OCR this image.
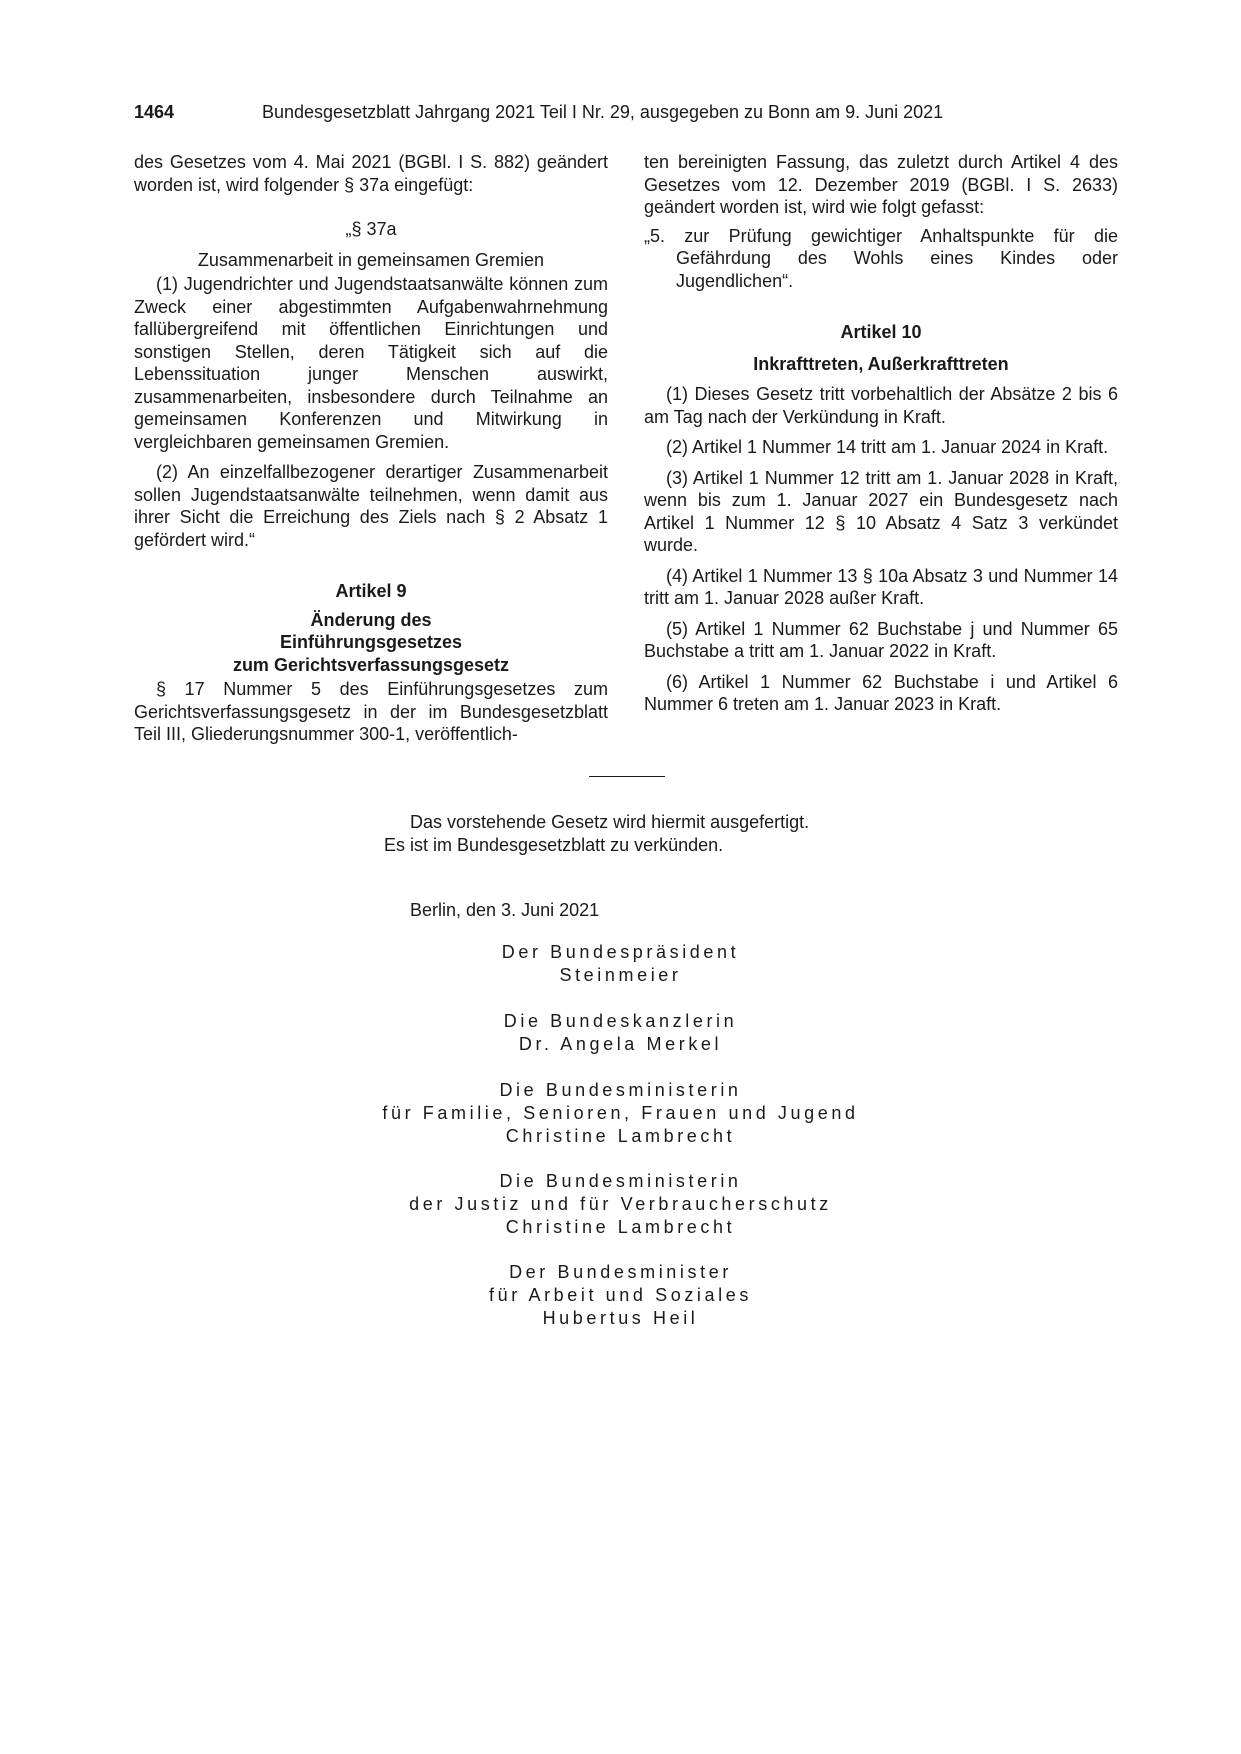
1464	Bundesgesetzblatt Jahrgang 2021 Teil I Nr. 29, ausgegeben zu Bonn am 9. Juni 2021

des Gesetzes vom 4. Mai 2021 (BGBl. I S. 882) geändert worden ist, wird folgender § 37a eingefügt:

„§ 37a

Zusammenarbeit in gemeinsamen Gremien

(1) Jugendrichter und Jugendstaatsanwälte können zum Zweck einer abgestimmten Aufgabenwahrnehmung fallübergreifend mit öffentlichen Einrichtungen und sonstigen Stellen, deren Tätigkeit sich auf die Lebenssituation junger Menschen auswirkt, zusammenarbeiten, insbesondere durch Teilnahme an gemeinsamen Konferenzen und Mitwirkung in vergleichbaren gemeinsamen Gremien.

(2) An einzelfallbezogener derartiger Zusammenarbeit sollen Jugendstaatsanwälte teilnehmen, wenn damit aus ihrer Sicht die Erreichung des Ziels nach § 2 Absatz 1 gefördert wird.“

Artikel 9

Änderung des

Einführungsgesetzes

zum Gerichtsverfassungsgesetz

§ 17 Nummer 5 des Einführungsgesetzes zum Gerichtsverfassungsgesetz in der im Bundesgesetzblatt Teil III, Gliederungsnummer 300-1, veröffentlich-

ten bereinigten Fassung, das zuletzt durch Artikel 4 des Gesetzes vom 12. Dezember 2019 (BGBl. I S. 2633) geändert worden ist, wird wie folgt gefasst:

„5. zur Prüfung gewichtiger Anhaltspunkte für die Gefährdung des Wohls eines Kindes oder Jugendlichen“.

Artikel 10

Inkrafttreten, Außerkrafttreten

(1) Dieses Gesetz tritt vorbehaltlich der Absätze 2 bis 6 am Tag nach der Verkündung in Kraft.

(2) Artikel 1 Nummer 14 tritt am 1. Januar 2024 in Kraft.

(3) Artikel 1 Nummer 12 tritt am 1. Januar 2028 in Kraft, wenn bis zum 1. Januar 2027 ein Bundesgesetz nach Artikel 1 Nummer 12 § 10 Absatz 4 Satz 3 verkündet wurde.

(4) Artikel 1 Nummer 13 § 10a Absatz 3 und Nummer 14 tritt am 1. Januar 2028 außer Kraft.

(5) Artikel 1 Nummer 62 Buchstabe j und Nummer 65 Buchstabe a tritt am 1. Januar 2022 in Kraft.

(6) Artikel 1 Nummer 62 Buchstabe i und Artikel 6 Nummer 6 treten am 1. Januar 2023 in Kraft.

Das vorstehende Gesetz wird hiermit ausgefertigt.

Es ist im Bundesgesetzblatt zu verkünden.

Berlin, den 3. Juni 2021

Der Bundespräsident

Steinmeier

Die Bundeskanzlerin

Dr. Angela Merkel

Die Bundesministerin

für Familie, Senioren, Frauen und Jugend

Christine Lambrecht

Die Bundesministerin

der Justiz und für Verbraucherschutz

Christine Lambrecht

Der Bundesminister

für Arbeit und Soziales

Hubertus Heil
